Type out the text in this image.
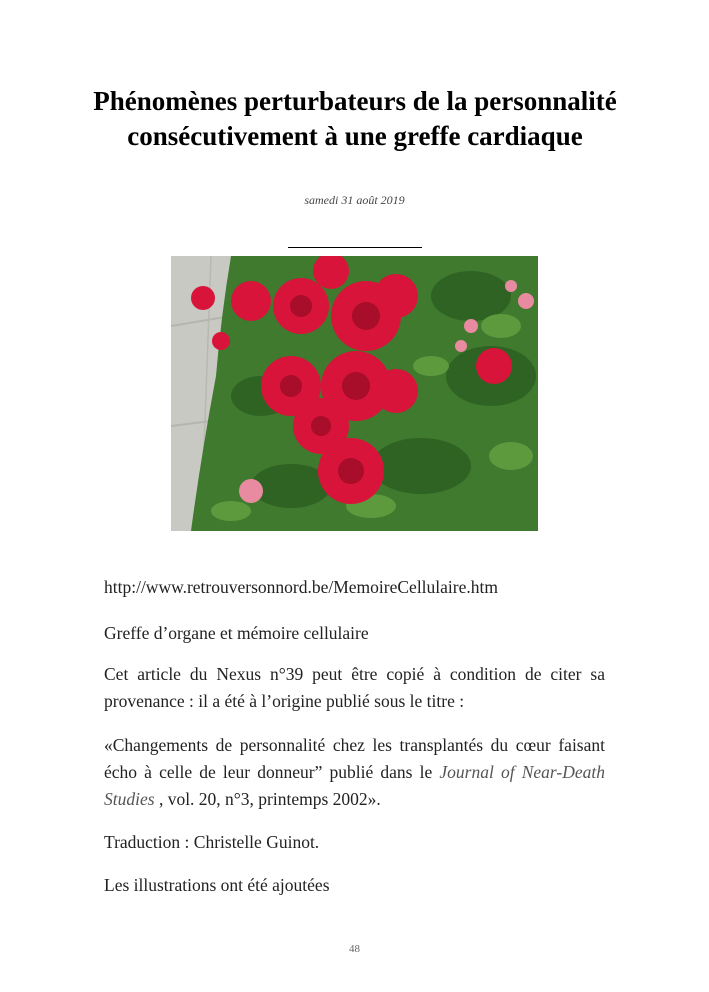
Phénomènes perturbateurs de la personnalité consécutivement à une greffe cardiaque
samedi 31 août 2019

http://www.retrouversonnord.be/MemoireCellulaire.htm

Greffe d’organe et mémoire cellulaire

Cet article du Nexus n°39 peut être copié à condition de citer sa provenance : il a été à l’origine publié sous le titre :

«Changements de personnalité chez les transplantés du cœur faisant écho à celle de leur donneur” publié dans le Journal of Near-Death Studies , vol. 20, n°3, printemps 2002».

Traduction : Christelle Guinot.

Les illustrations ont été ajoutées

48
